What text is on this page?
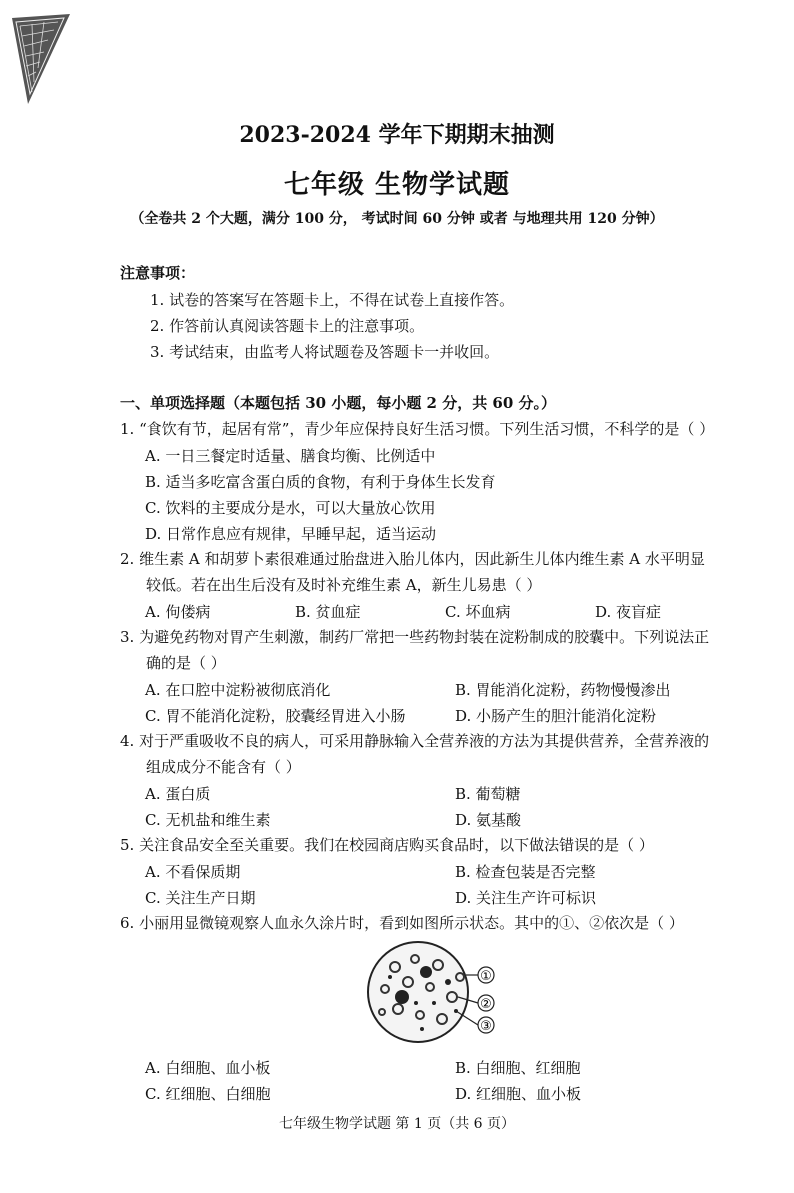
2023-2024 学年下期期末抽测
七年级 生物学试题
（全卷共 2 个大题，满分 100 分， 考试时间 60 分钟 或者 与地理共用 120 分钟）
注意事项：
1. 试卷的答案写在答题卡上，不得在试卷上直接作答。
2. 作答前认真阅读答题卡上的注意事项。
3. 考试结束，由监考人将试题卷及答题卡一并收回。
一、单项选择题（本题包括 30 小题，每小题 2 分，共 60 分。）
1. “食饮有节，起居有常”，青少年应保持良好生活习惯。下列生活习惯，不科学的是（ ）
A. 一日三餐定时适量、膳食均衡、比例适中
B. 适当多吃富含蛋白质的食物，有利于身体生长发育
C. 饮料的主要成分是水，可以大量放心饮用
D. 日常作息应有规律，早睡早起，适当运动
2. 维生素 A 和胡萝卜素很难通过胎盘进入胎儿体内，因此新生儿体内维生素 A 水平明显
较低。若在出生后没有及时补充维生素 A，新生儿易患（ ）
A. 佝偻病	B. 贫血症	C. 坏血病	D. 夜盲症
3. 为避免药物对胃产生刺激，制药厂常把一些药物封装在淀粉制成的胶囊中。下列说法正
确的是（ ）
A. 在口腔中淀粉被彻底消化	B. 胃能消化淀粉，药物慢慢渗出
C. 胃不能消化淀粉，胶囊经胃进入小肠	D. 小肠产生的胆汁能消化淀粉
4. 对于严重吸收不良的病人，可采用静脉输入全营养液的方法为其提供营养，全营养液的
组成成分不能含有（ ）
A. 蛋白质	B. 葡萄糖
C. 无机盐和维生素	D. 氨基酸
5. 关注食品安全至关重要。我们在校园商店购买食品时，以下做法错误的是（ ）
A. 不看保质期	B. 检查包装是否完整
C. 关注生产日期	D. 关注生产许可标识
6. 小丽用显微镜观察人血永久涂片时，看到如图所示状态。其中的①、②依次是（ ）
①
②
③
A. 白细胞、血小板	B. 白细胞、红细胞
C. 红细胞、白细胞	D. 红细胞、血小板
七年级生物学试题 第 1 页（共 6 页）
